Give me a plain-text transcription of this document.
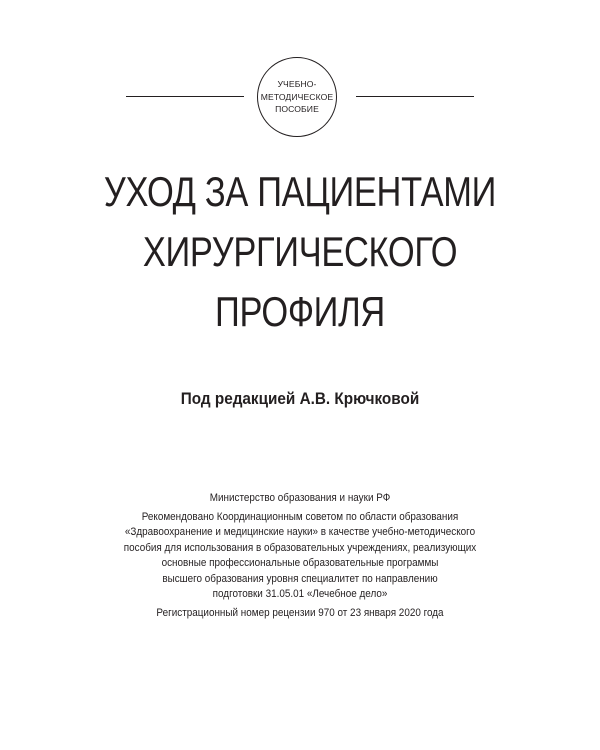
УЧЕБНО-
МЕТОДИЧЕСКОЕ
ПОСОБИЕ
УХОД ЗА ПАЦИЕНТАМИ
ХИРУРГИЧЕСКОГО
ПРОФИЛЯ
Под редакцией А.В. Крючковой
Министерство образования и науки РФ
Рекомендовано Координационным советом по области образования
«Здравоохранение и медицинские науки» в качестве учебно-методического
пособия для использования в образовательных учреждениях, реализующих
основные профессиональные образовательные программы
высшего образования уровня специалитет по направлению
подготовки 31.05.01 «Лечебное дело»
Регистрационный номер рецензии 970 от 23 января 2020 года
